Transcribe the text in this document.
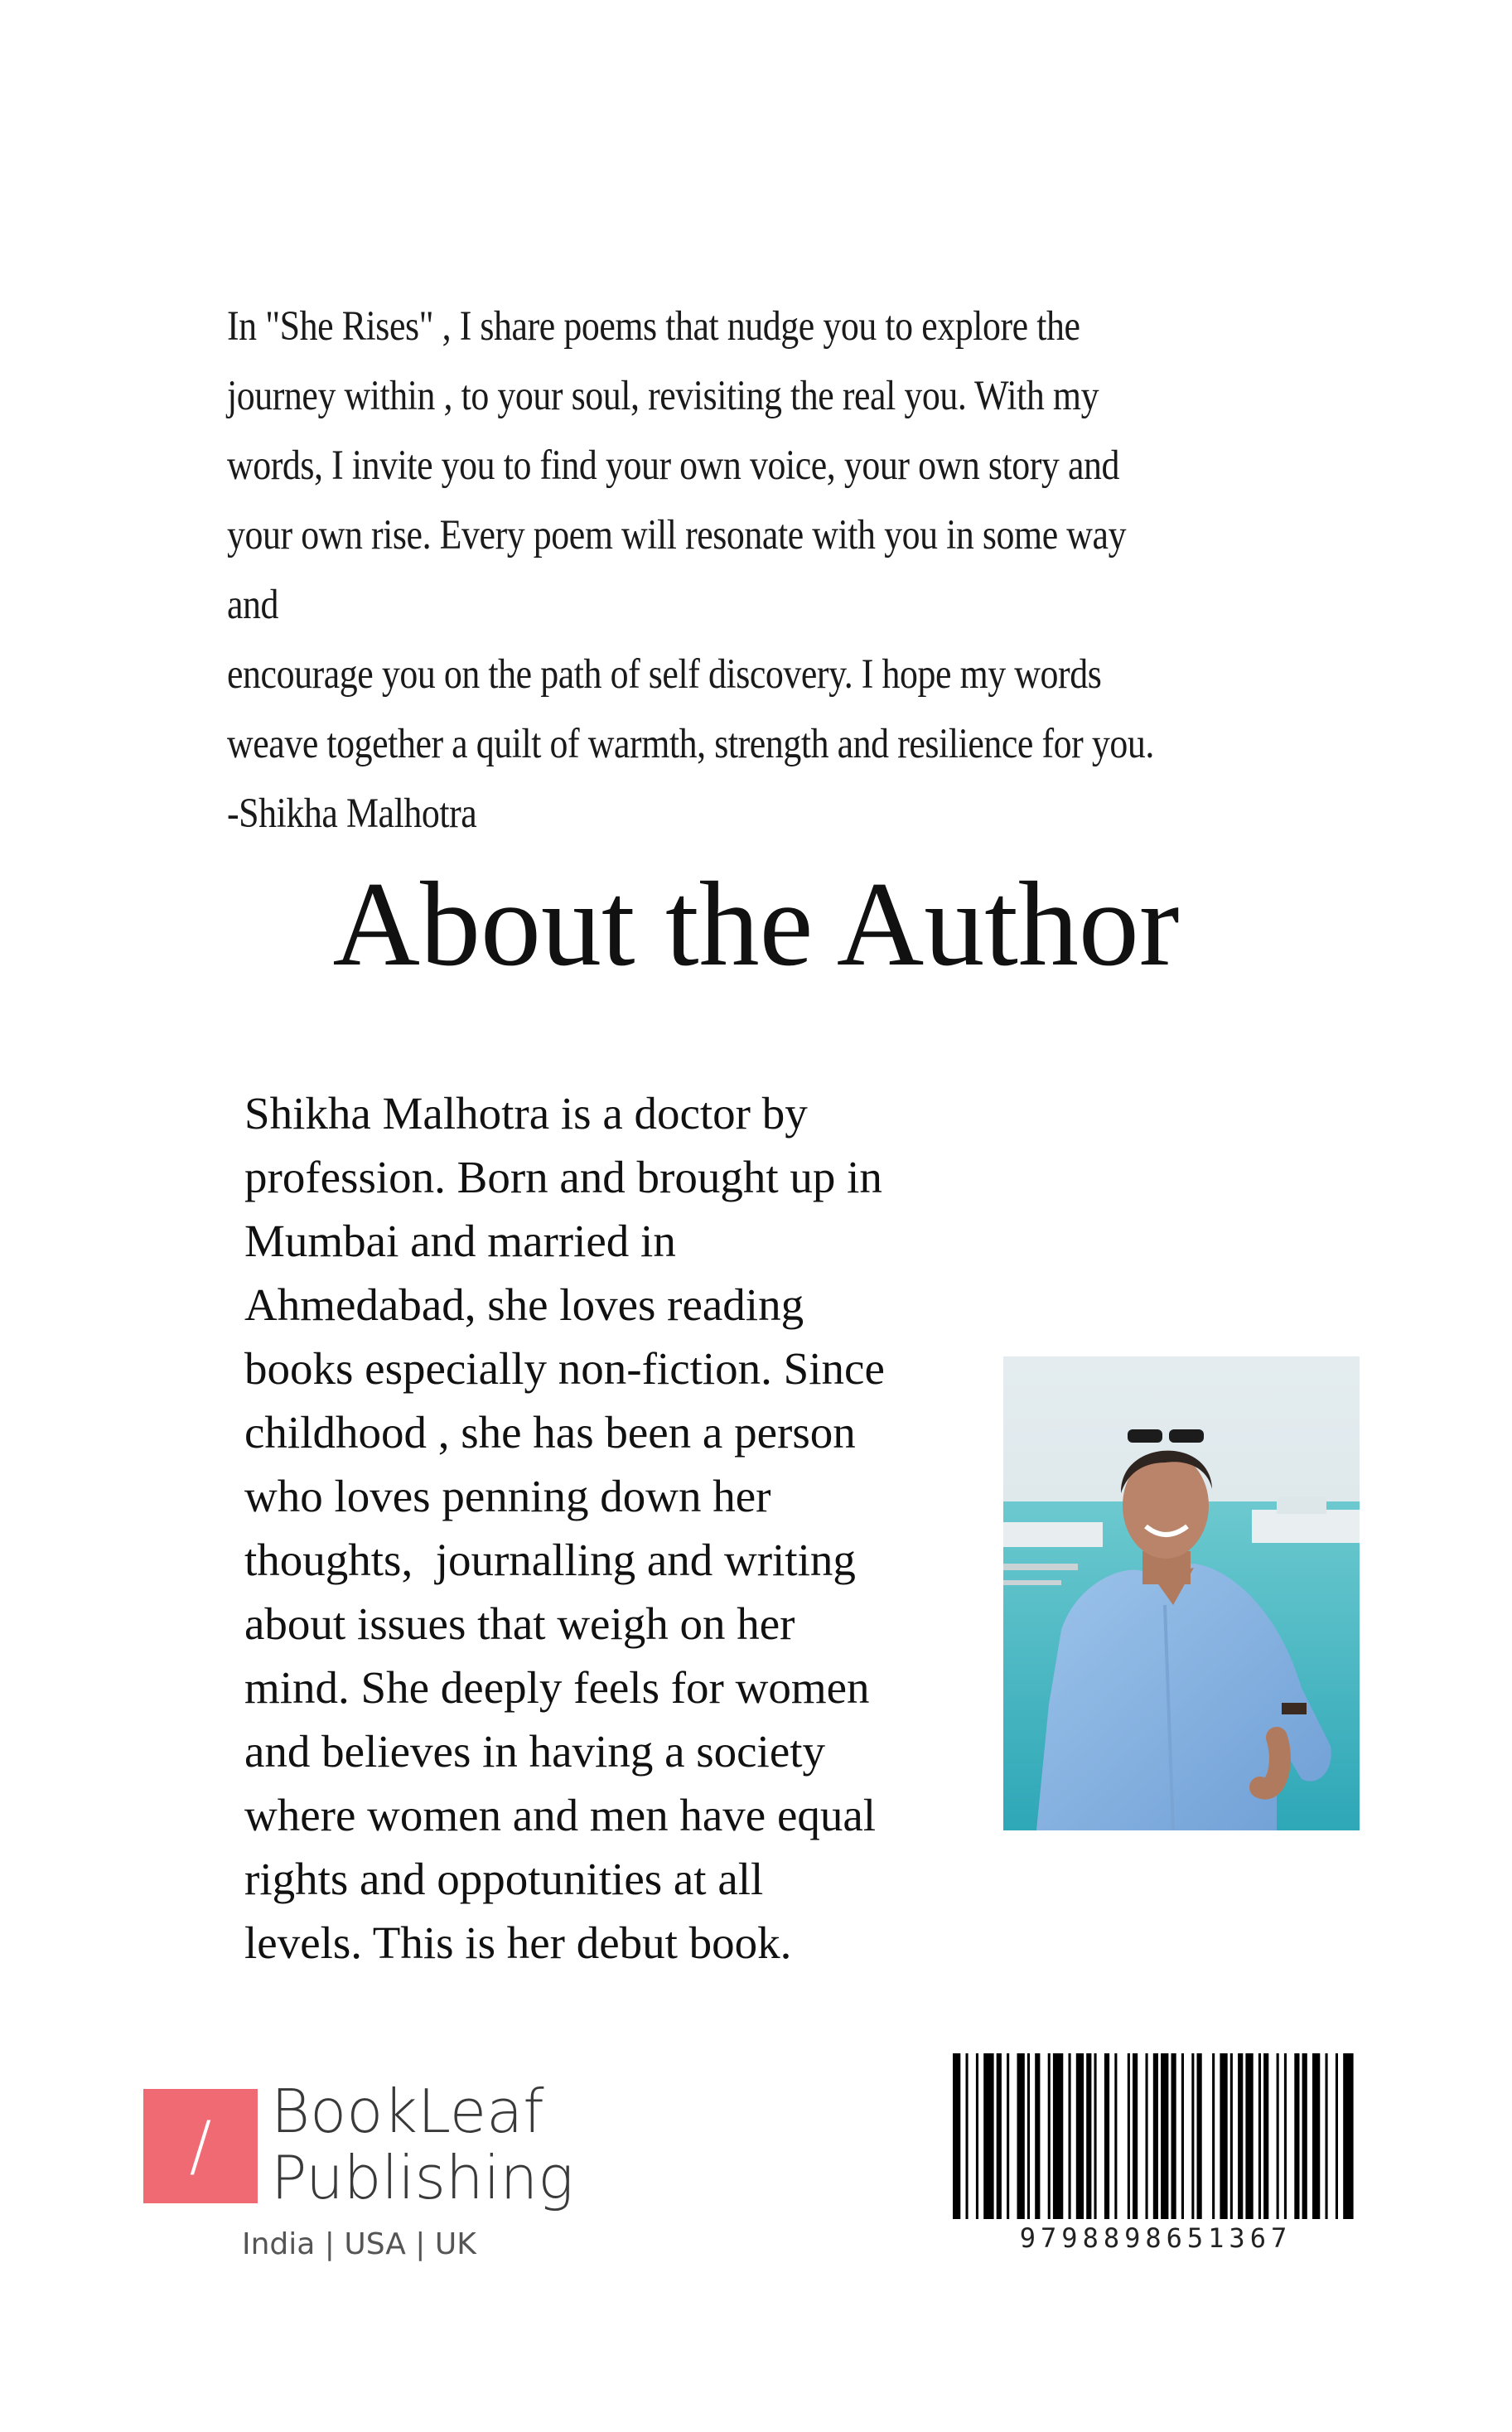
In "She Rises" , I share poems that nudge you to explore the

journey within , to your soul, revisiting the real you. With my

words, I invite you to find your own voice, your own story and

your own rise. Every poem will resonate with you in some way and

encourage you on the path of self discovery. I hope my words

weave together a quilt of warmth, strength and resilience for you.

-Shikha Malhotra

About the Author
Shikha Malhotra is a doctor by
profession. Born and brought up in
Mumbai and married in
Ahmedabad, she loves reading
books especially non-fiction. Since
childhood , she has been a person
who loves penning down her
thoughts,  journalling and writing
about issues that weigh on her
mind. She deeply feels for women
and believes in having a society
where women and men have equal
rights and oppotunities at all
levels. This is her debut book.
/ BookLeaf
Publishing
India | USA | UK	9798898651367
